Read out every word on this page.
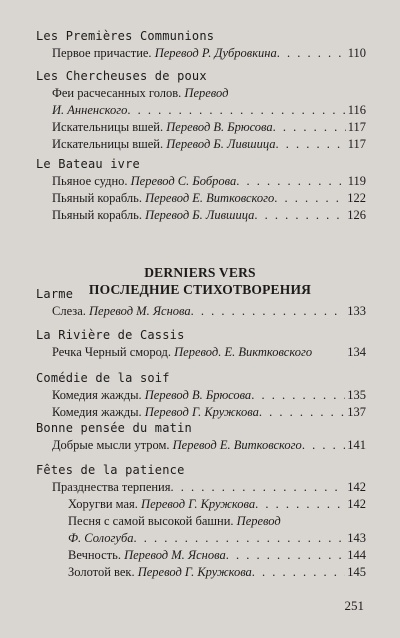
Les Premières Communions
Первое причастие. Перевод Р. Дубровкина . . .	110
Les Chercheuses de poux
Феи расчесанных голов. Перевод
И. Анненского . . .	116
Искательницы вшей. Перевод В. Брюсова . . .	117
Искательницы вшей. Перевод Б. Лившица . . .	117
Le Bateau ivre
Пьяное судно. Перевод С. Боброва . . .	119
Пьяный корабль. Перевод Е. Витковского . . .	122
Пьяный корабль. Перевод Б. Лившица . . .	126
DERNIERS VERS
ПОСЛЕДНИЕ СТИХОТВОРЕНИЯ
Larme
Слеза. Перевод М. Яснова . . .	133
La Rivière de Cassis
Речка Черный смород. Перевод. Е. Виктковского	134
Comédie de la soif
Комедия жажды. Перевод В. Брюсова . . .	135
Комедия жажды. Перевод Г. Кружкова . . .	137
Bonne pensée du matin
Добрые мысли утром. Перевод Е. Витковского . . .	141
Fêtes de la patience
Празднества терпения . . .	142
Хоругви мая. Перевод Г. Кружкова . . .	142
Песня с самой высокой башни. Перевод
Ф. Сологуба . . .	143
Вечность. Перевод М. Яснова . . .	144
Золотой век. Перевод Г. Кружкова . . .	145
251
